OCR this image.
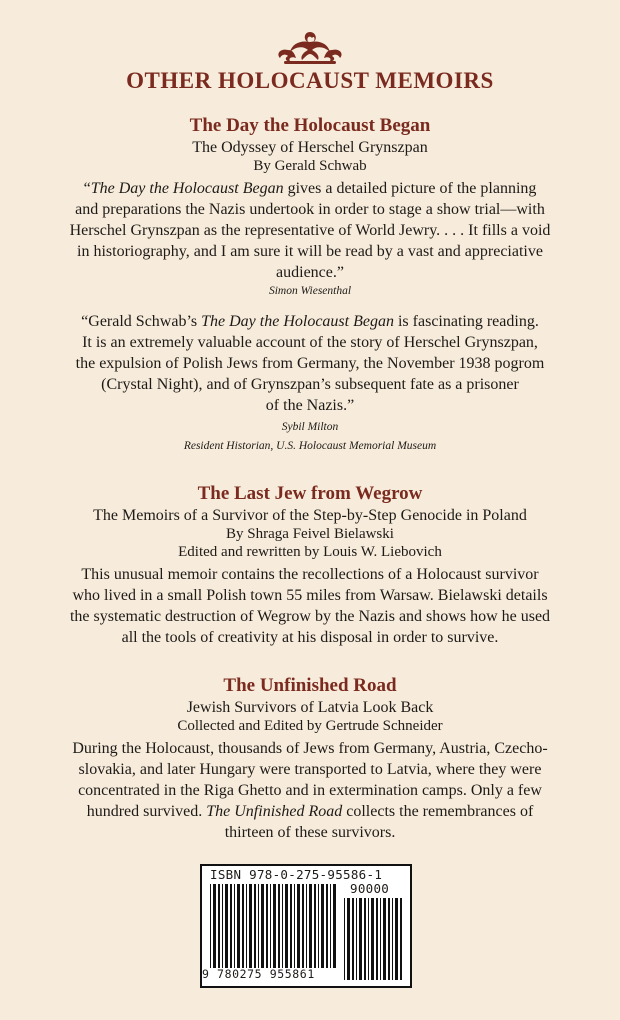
OTHER HOLOCAUST MEMOIRS
The Day the Holocaust Began
The Odyssey of Herschel Grynszpan
By Gerald Schwab
“The Day the Holocaust Began gives a detailed picture of the planning
and preparations the Nazis undertook in order to stage a show trial—with
Herschel Grynszpan as the representative of World Jewry. . . . It fills a void
in historiography, and I am sure it will be read by a vast and appreciative
audience.”
Simon Wiesenthal
“Gerald Schwab’s The Day the Holocaust Began is fascinating reading.
It is an extremely valuable account of the story of Herschel Grynszpan,
the expulsion of Polish Jews from Germany, the November 1938 pogrom
(Crystal Night), and of Grynszpan’s subsequent fate as a prisoner
of the Nazis.”
Sybil Milton
Resident Historian, U.S. Holocaust Memorial Museum
The Last Jew from Wegrow
The Memoirs of a Survivor of the Step-by-Step Genocide in Poland
By Shraga Feivel Bielawski
Edited and rewritten by Louis W. Liebovich
This unusual memoir contains the recollections of a Holocaust survivor
who lived in a small Polish town 55 miles from Warsaw. Bielawski details
the systematic destruction of Wegrow by the Nazis and shows how he used
all the tools of creativity at his disposal in order to survive.
The Unfinished Road
Jewish Survivors of Latvia Look Back
Collected and Edited by Gertrude Schneider
During the Holocaust, thousands of Jews from Germany, Austria, Czecho-
slovakia, and later Hungary were transported to Latvia, where they were
concentrated in the Riga Ghetto and in extermination camps. Only a few
hundred survived. The Unfinished Road collects the remembrances of
thirteen of these survivors.
ISBN 978-0-275-95586-1
9 780275 955861
90000
